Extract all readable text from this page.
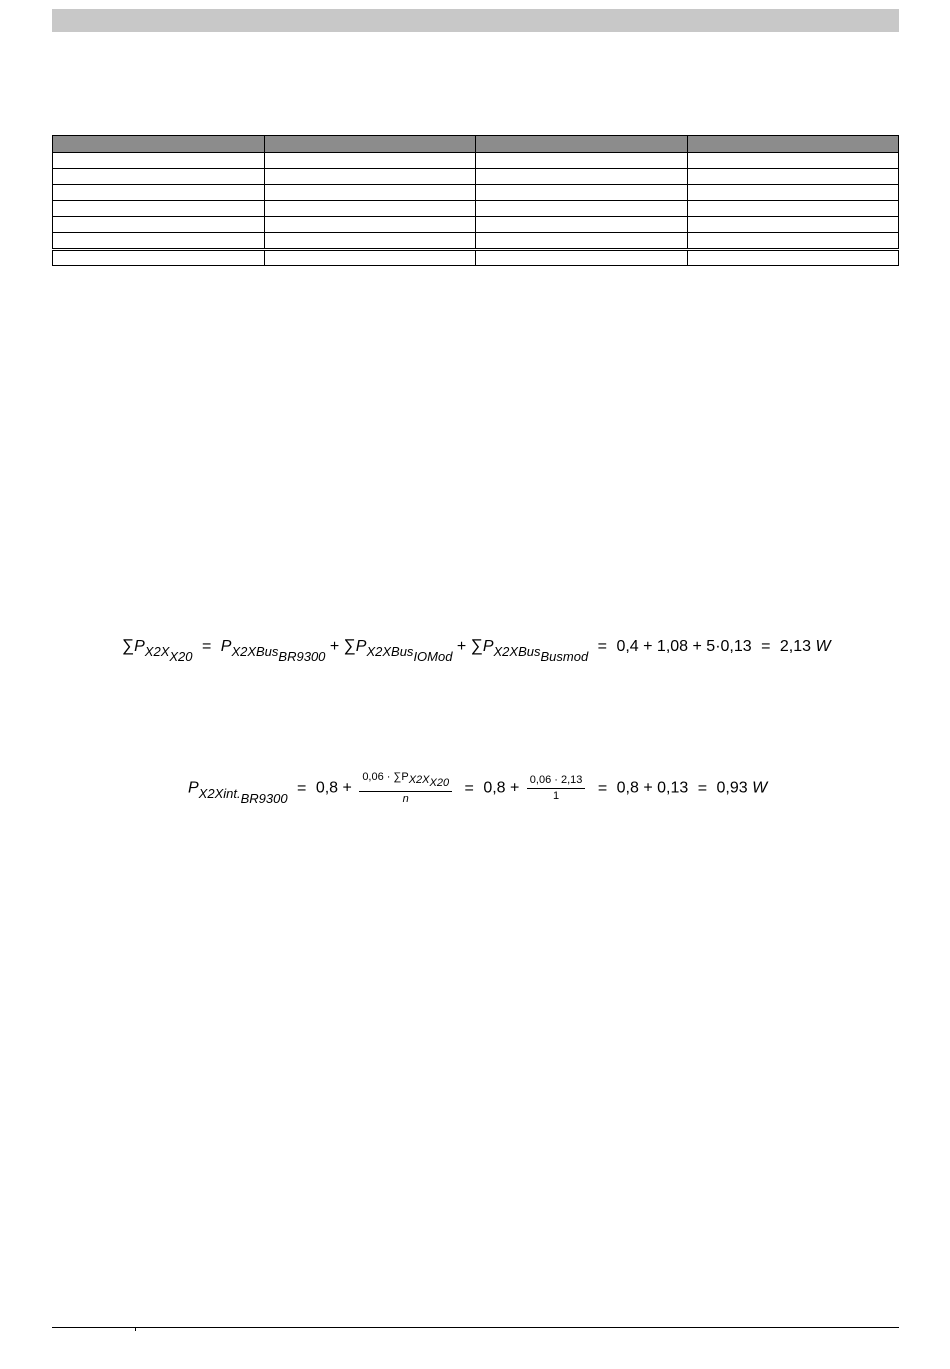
$\sum P_{X2X_{X20}} = P_{X2XBus_{BR9300}} + \sum P_{X2XBus_{IOMod}} + \sum P_{X2XBus_{Busmod}} = 0,4 + 1,08 + 5\cdot 0,13 = 2,13$ W
$P_{X2Xint._{BR9300}} = 0,8 + \frac{0,06 \cdot \sum P_{X2X_{X20}}}{n} = 0,8 + \frac{0,06 \cdot 2,13}{1} = 0,8 + 0,13 = 0,93$ W
